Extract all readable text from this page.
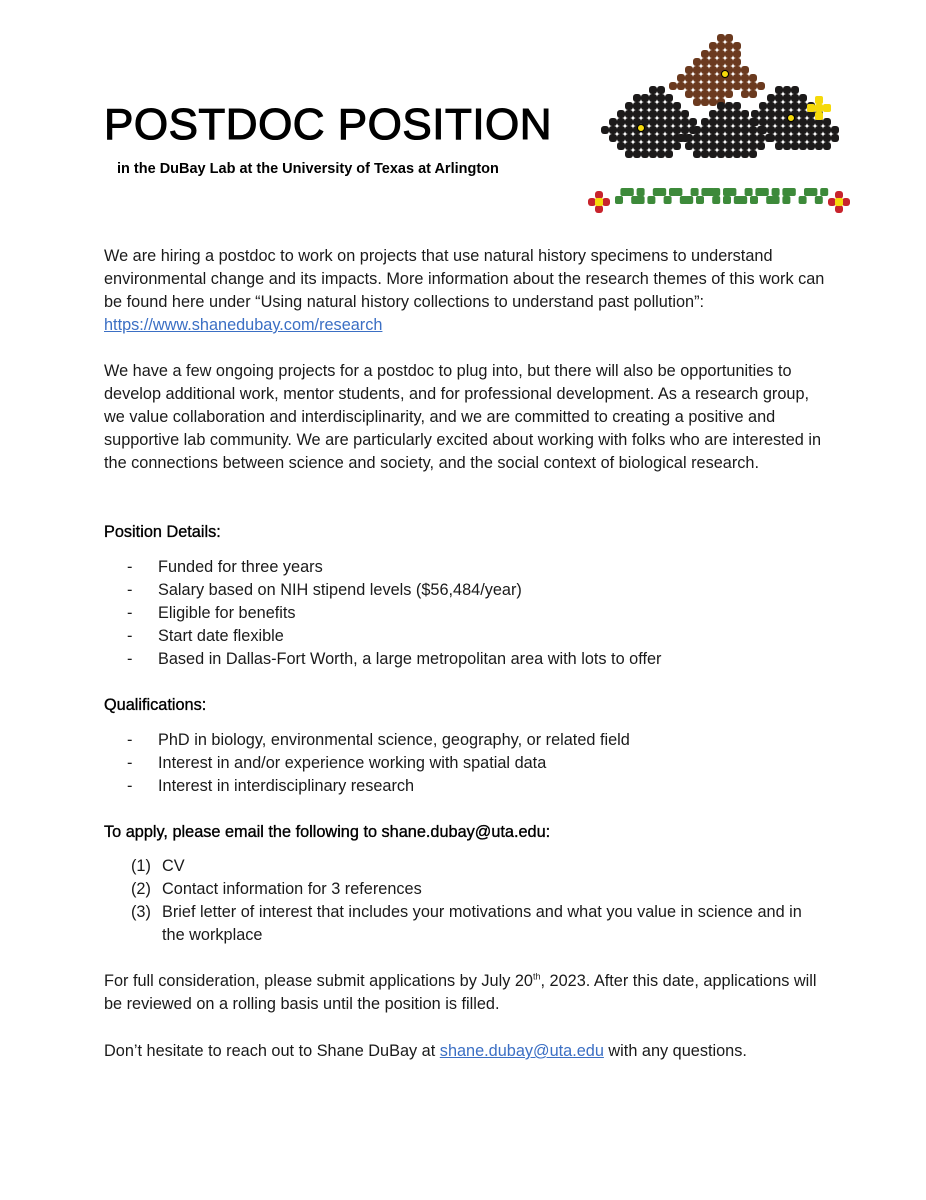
POSTDOC POSITION
in the DuBay Lab at the University of Texas at Arlington

We are hiring a postdoc to work on projects that use natural history specimens to understand environmental change and its impacts. More information about the research themes of this work can be found here under “Using natural history collections to understand past pollution”: https://www.shanedubay.com/research

We have a few ongoing projects for a postdoc to plug into, but there will also be opportunities to develop additional work, mentor students, and for professional development. As a research group, we value collaboration and interdisciplinarity, and we are committed to creating a positive and supportive lab community. We are particularly excited about working with folks who are interested in the connections between science and society, and the social context of biological research.

Position Details:
- Funded for three years
- Salary based on NIH stipend levels ($56,484/year)
- Eligible for benefits
- Start date flexible
- Based in Dallas-Fort Worth, a large metropolitan area with lots to offer
Qualifications:
- PhD in biology, environmental science, geography, or related field
- Interest in and/or experience working with spatial data
- Interest in interdisciplinary research
To apply, please email the following to shane.dubay@uta.edu:
(1) CV
(2) Contact information for 3 references
(3) Brief letter of interest that includes your motivations and what you value in science and in the workplace

For full consideration, please submit applications by July 20th, 2023. After this date, applications will be reviewed on a rolling basis until the position is filled.

Don’t hesitate to reach out to Shane DuBay at shane.dubay@uta.edu with any questions.
